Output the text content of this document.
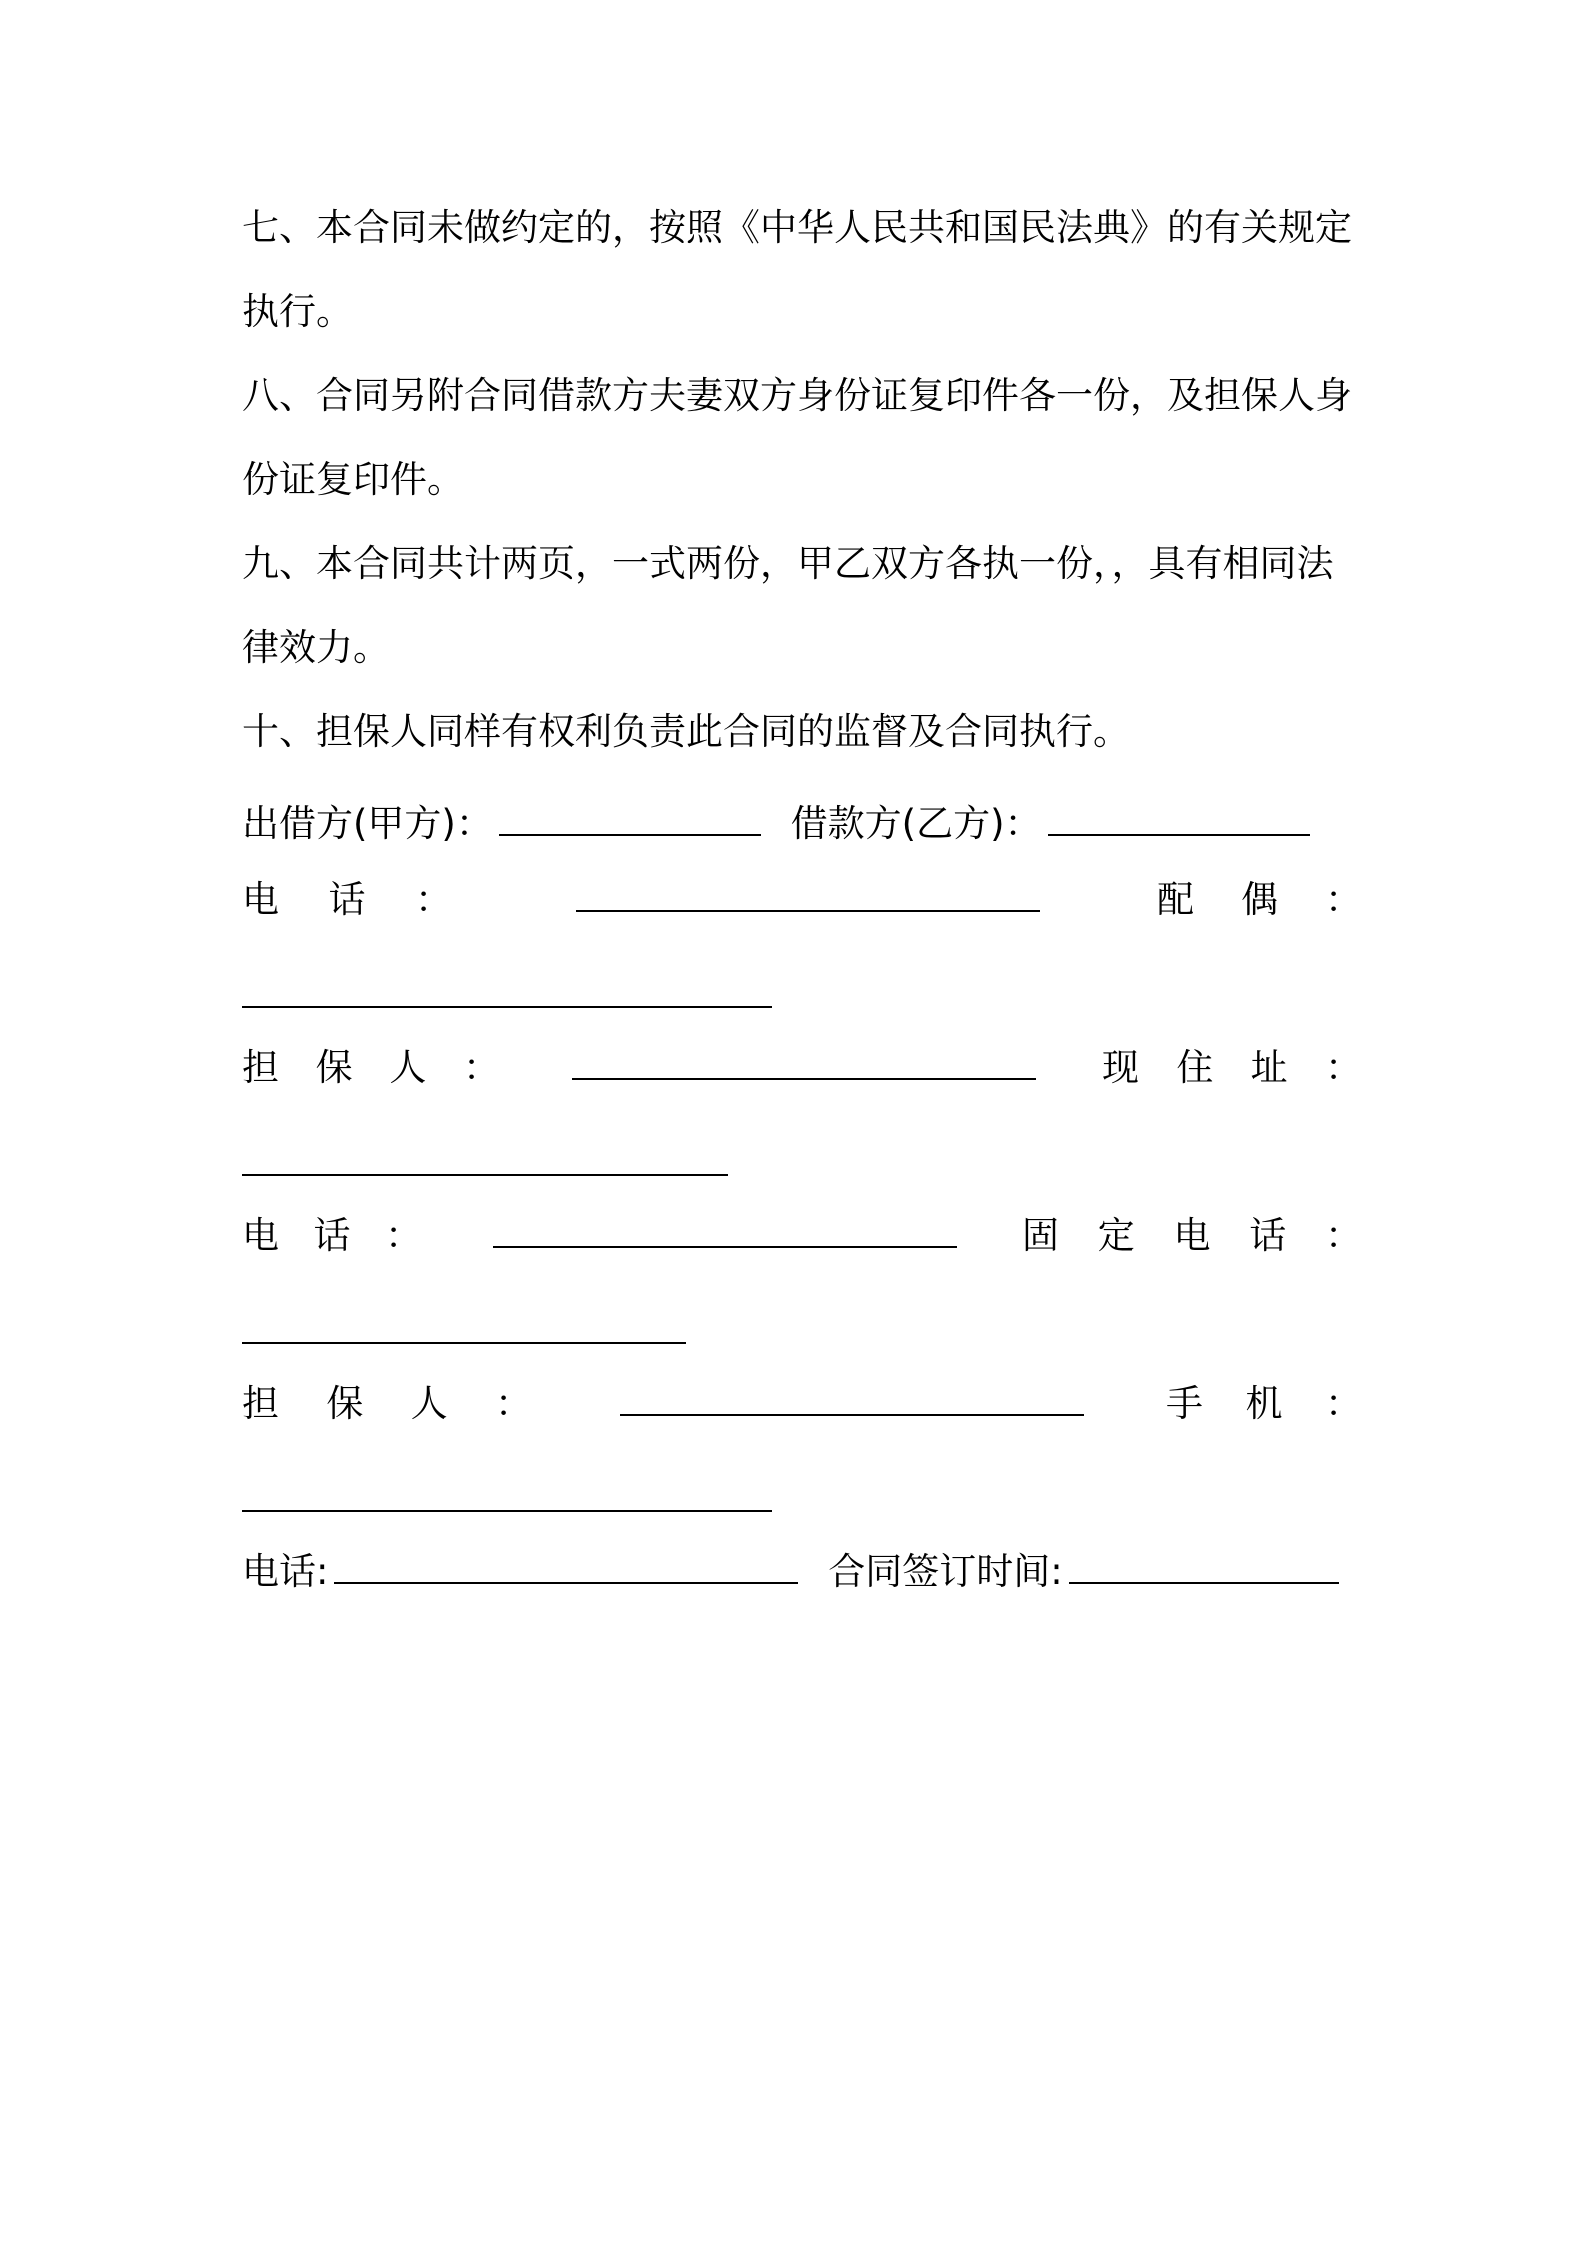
七、本合同未做约定的，按照《中华人民共和国民法典》的有关规定

执行。

八、合同另附合同借款方夫妻双方身份证复印件各一份，及担保人身

份证复印件。

九、本合同共计两页，一式两份，甲乙双方各执一份，，具有相同法

律效力。

十、担保人同样有权利负责此合同的监督及合同执行。

出借方(甲方)：
	借款方(乙方)：
电 话 ：	配 偶 ：
担 保 人 ：	现 住 址 ：
电 话 ：	固 定 电 话 ：
担 保 人 ：	手 机 ：
电话:
	合同签订时间:
